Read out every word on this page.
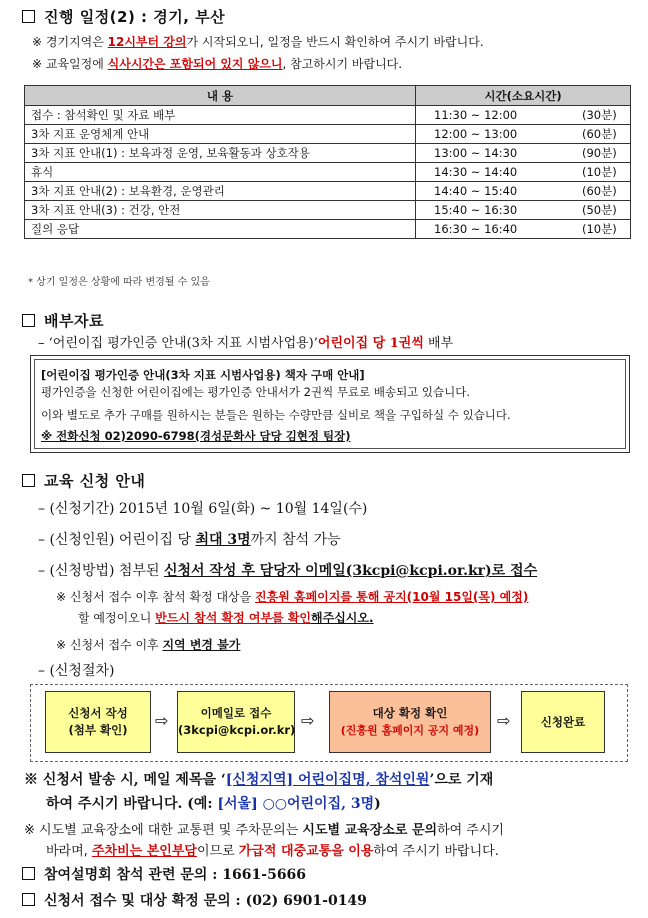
진행 일정(2) : 경기, 부산
※ 경기지역은 12시부터 강의가 시작되오니, 일정을 반드시 확인하여 주시기 바랍니다.
※ 교육일정에 식사시간은 포함되어 있지 않으니, 참고하시기 바랍니다.
내 용	시간(소요시간)	
접수 : 참석확인 및 자료 배부	11:30 ~ 12:00	(30분)
3차 지표 운영체계 안내	12:00 ~ 13:00	(60분)
3차 지표 안내(1) : 보육과정 운영, 보육활동과 상호작용	13:00 ~ 14:30	(90분)
휴식	14:30 ~ 14:40	(10분)
3차 지표 안내(2) : 보육환경, 운영관리	14:40 ~ 15:40	(60분)
3차 지표 안내(3) : 건강, 안전	15:40 ~ 16:30	(50분)
질의 응답	16:30 ~ 16:40	(10분)
* 상기 일정은 상황에 따라 변경될 수 있음
배부자료
– ‘어린이집 평가인증 안내(3차 지표 시범사업용)’어린이집 당 1권씩 배부
[어린이집 평가인증 안내(3차 지표 시범사업용) 책자 구매 안내]
평가인증을 신청한 어린이집에는 평가인증 안내서가 2권씩 무료로 배송되고 있습니다.
이와 별도로 추가 구매를 원하시는 분들은 원하는 수량만큼 실비로 책을 구입하실 수 있습니다.
※ 전화신청 02)2090-6798(경성문화사 담당 김현정 팀장)
교육 신청 안내
– (신청기간) 2015년 10월 6일(화) ~ 10월 14일(수)
– (신청인원) 어린이집 당 최대 3명까지 참석 가능
– (신청방법) 첨부된 신청서 작성 후 담당자 이메일(3kcpi@kcpi.or.kr)로 접수
※ 신청서 접수 이후 참석 확정 대상을 진흥원 홈페이지를 통해 공지(10월 15일(목) 예정)
할 예정이오니 반드시 참석 확정 여부를 확인해주십시오.
※ 신청서 접수 이후 지역 변경 불가
– (신청절차)
신청서 작성
(첨부 확인)	⇨	이메일로 접수
(3kcpi@kcpi.or.kr) ⇨	대상 확정 확인
(진흥원 홈페이지 공지 예정)
⇨	신청완료
※ 신청서 발송 시, 메일 제목을 ‘[신청지역] 어린이집명, 참석인원’으로 기재
하여 주시기 바랍니다. (예: [서울] ○○어린이집, 3명)
※ 시도별 교육장소에 대한 교통편 및 주차문의는 시도별 교육장소로 문의하여 주시기
바라며, 주차비는 본인부담이므로 가급적 대중교통을 이용하여 주시기 바랍니다.
참여설명회 참석 관련 문의 : 1661-5666
신청서 접수 및 대상 확정 문의 : (02) 6901-0149
